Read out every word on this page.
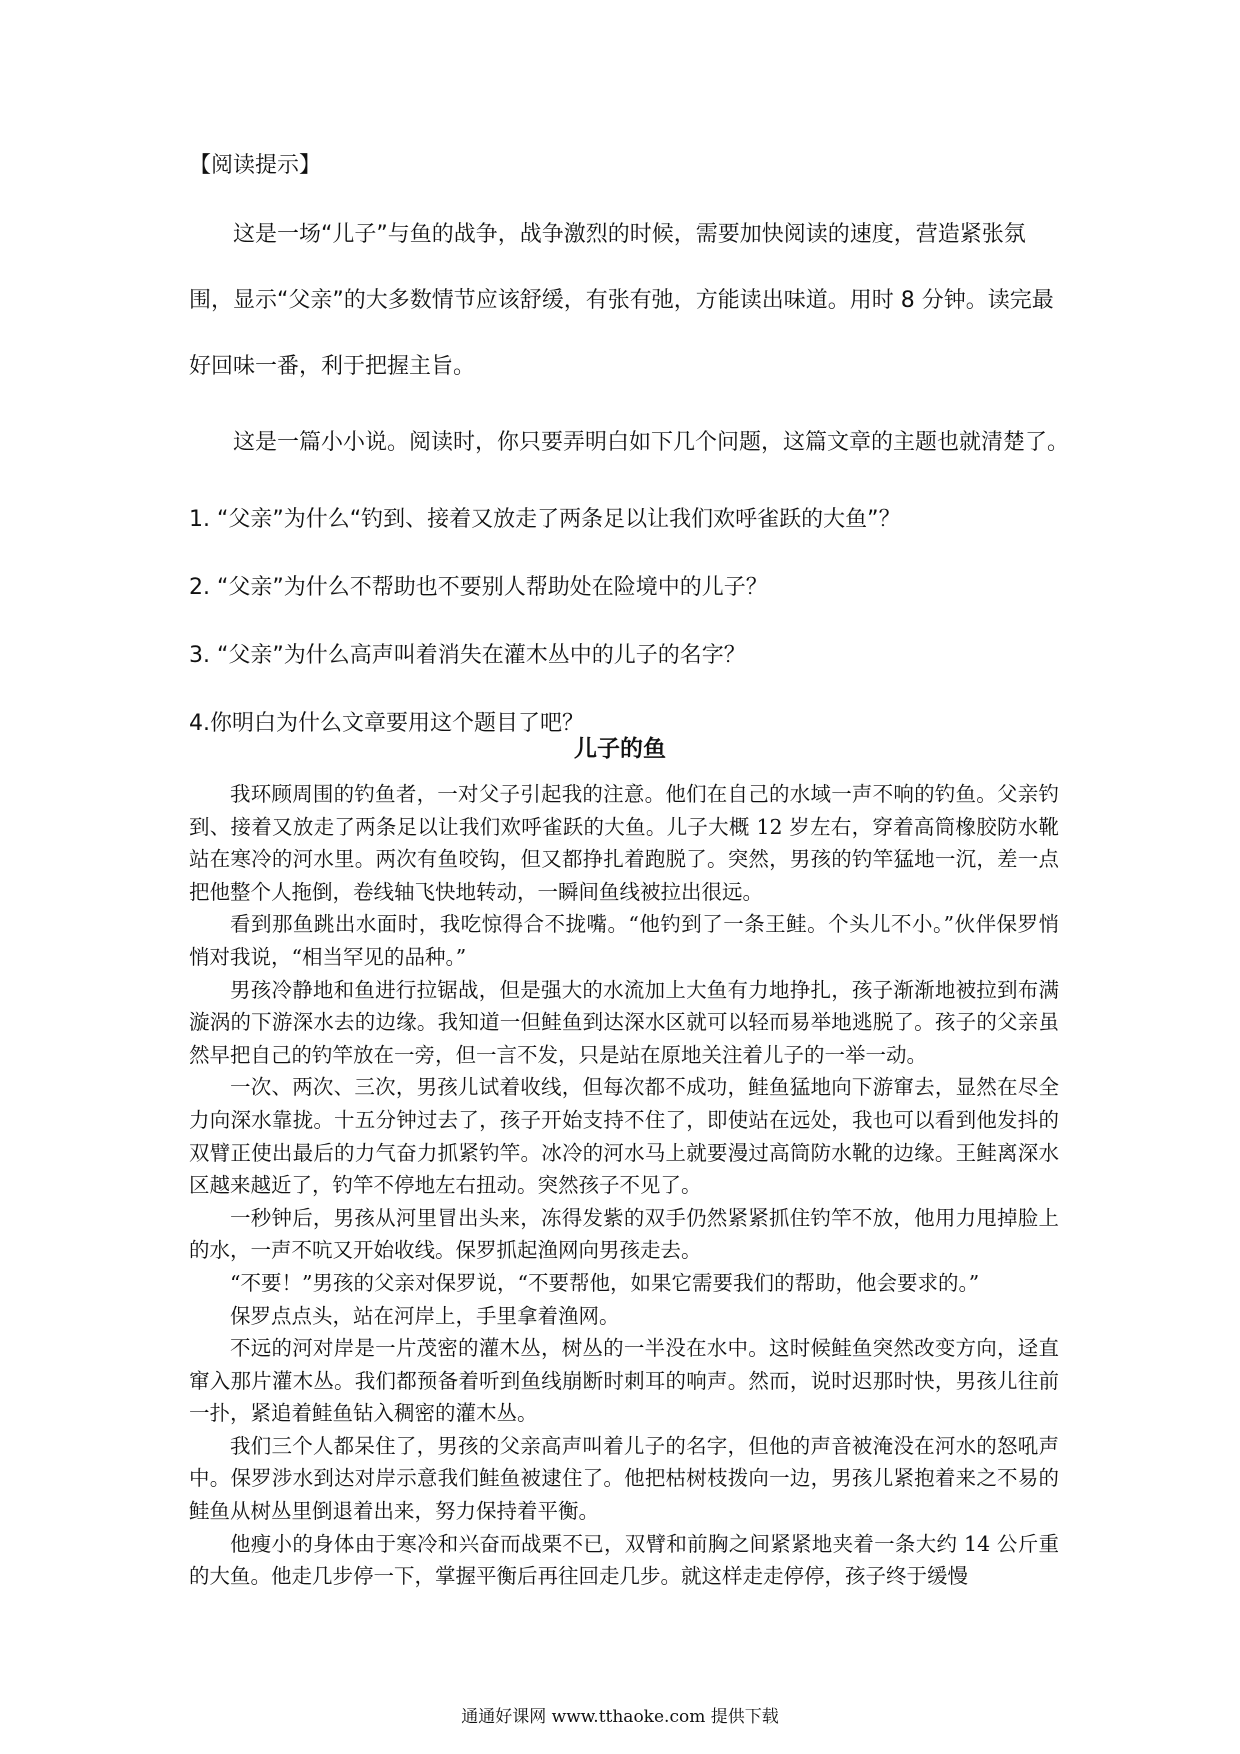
【阅读提示】

这是一场“儿子”与鱼的战争，战争激烈的时候，需要加快阅读的速度，营造紧张氛围，显示“父亲”的大多数情节应该舒缓，有张有弛，方能读出味道。用时 8 分钟。读完最好回味一番，利于把握主旨。

这是一篇小小说。阅读时，你只要弄明白如下几个问题，这篇文章的主题也就清楚了。

1. “父亲”为什么“钓到、接着又放走了两条足以让我们欢呼雀跃的大鱼”？
2. “父亲”为什么不帮助也不要别人帮助处在险境中的儿子？
3. “父亲”为什么高声叫着消失在灌木丛中的儿子的名字？
4.你明白为什么文章要用这个题目了吧？
儿子的鱼

我环顾周围的钓鱼者，一对父子引起我的注意。他们在自己的水域一声不响的钓鱼。父亲钓到、接着又放走了两条足以让我们欢呼雀跃的大鱼。儿子大概 12 岁左右，穿着高筒橡胶防水靴站在寒冷的河水里。两次有鱼咬钩，但又都挣扎着跑脱了。突然，男孩的钓竿猛地一沉，差一点把他整个人拖倒，卷线轴飞快地转动，一瞬间鱼线被拉出很远。

看到那鱼跳出水面时，我吃惊得合不拢嘴。“他钓到了一条王鲑。个头儿不小。”伙伴保罗悄悄对我说，“相当罕见的品种。”

男孩冷静地和鱼进行拉锯战，但是强大的水流加上大鱼有力地挣扎，孩子渐渐地被拉到布满漩涡的下游深水去的边缘。我知道一但鲑鱼到达深水区就可以轻而易举地逃脱了。孩子的父亲虽然早把自己的钓竿放在一旁，但一言不发，只是站在原地关注着儿子的一举一动。

一次、两次、三次，男孩儿试着收线，但每次都不成功，鲑鱼猛地向下游窜去，显然在尽全力向深水靠拢。十五分钟过去了，孩子开始支持不住了，即使站在远处，我也可以看到他发抖的双臂正使出最后的力气奋力抓紧钓竿。冰冷的河水马上就要漫过高筒防水靴的边缘。王鲑离深水区越来越近了，钓竿不停地左右扭动。突然孩子不见了。

一秒钟后，男孩从河里冒出头来，冻得发紫的双手仍然紧紧抓住钓竿不放，他用力甩掉脸上的水，一声不吭又开始收线。保罗抓起渔网向男孩走去。

“不要！”男孩的父亲对保罗说，“不要帮他，如果它需要我们的帮助，他会要求的。”

保罗点点头，站在河岸上，手里拿着渔网。

不远的河对岸是一片茂密的灌木丛，树丛的一半没在水中。这时候鲑鱼突然改变方向，迳直窜入那片灌木丛。我们都预备着听到鱼线崩断时刺耳的响声。然而，说时迟那时快，男孩儿往前一扑，紧追着鲑鱼钻入稠密的灌木丛。

我们三个人都呆住了，男孩的父亲高声叫着儿子的名字，但他的声音被淹没在河水的怒吼声中。保罗涉水到达对岸示意我们鲑鱼被逮住了。他把枯树枝拨向一边，男孩儿紧抱着来之不易的鲑鱼从树丛里倒退着出来，努力保持着平衡。

他瘦小的身体由于寒冷和兴奋而战栗不已，双臂和前胸之间紧紧地夹着一条大约 14 公斤重的大鱼。他走几步停一下，掌握平衡后再往回走几步。就这样走走停停，孩子终于缓慢

通通好课网 www.tthaoke.com 提供下载
